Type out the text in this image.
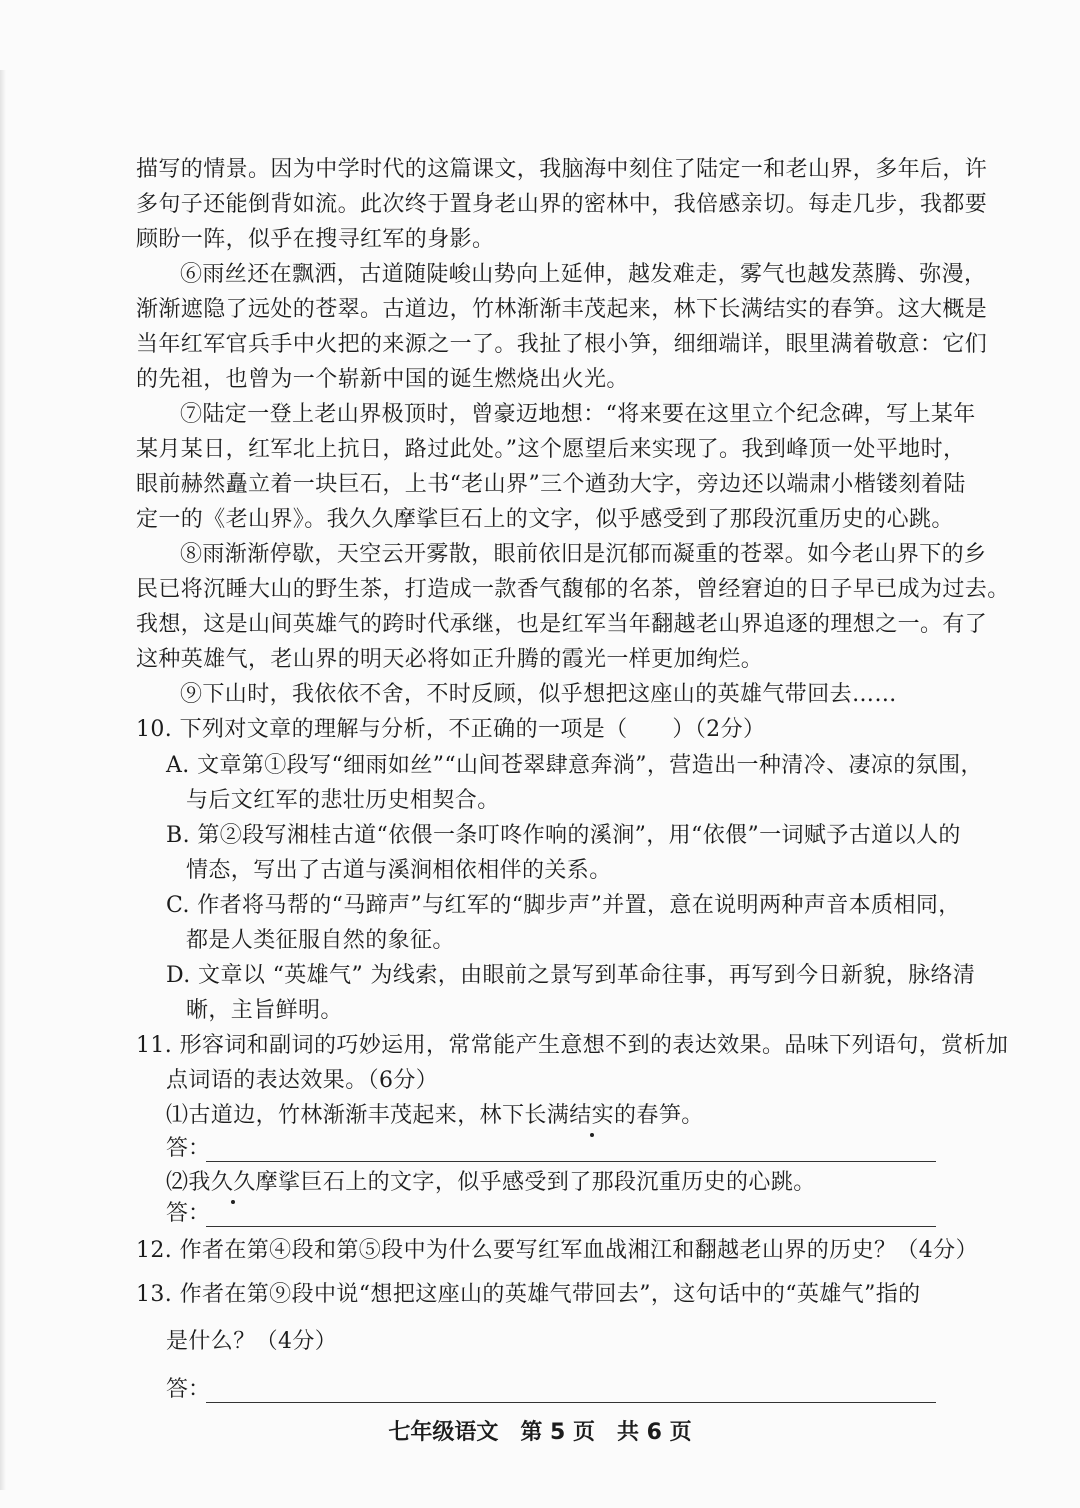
描写的情景。因为中学时代的这篇课文，我脑海中刻住了陆定一和老山界，多年后，许
多句子还能倒背如流。此次终于置身老山界的密林中，我倍感亲切。每走几步，我都要
顾盼一阵，似乎在搜寻红军的身影。
⑥雨丝还在飘洒，古道随陡峻山势向上延伸，越发难走，雾气也越发蒸腾、弥漫，
渐渐遮隐了远处的苍翠。古道边，竹林渐渐丰茂起来，林下长满结实的春笋。这大概是
当年红军官兵手中火把的来源之一了。我扯了根小笋，细细端详，眼里满着敬意：它们
的先祖，也曾为一个崭新中国的诞生燃烧出火光。
⑦陆定一登上老山界极顶时，曾豪迈地想：“将来要在这里立个纪念碑，写上某年
某月某日，红军北上抗日，路过此处。”这个愿望后来实现了。我到峰顶一处平地时，
眼前赫然矗立着一块巨石，上书“老山界”三个遒劲大字，旁边还以端肃小楷镂刻着陆
定一的《老山界》。我久久摩挲巨石上的文字，似乎感受到了那段沉重历史的心跳。
⑧雨渐渐停歇，天空云开雾散，眼前依旧是沉郁而凝重的苍翠。如今老山界下的乡
民已将沉睡大山的野生茶，打造成一款香气馥郁的名茶，曾经窘迫的日子早已成为过去。
我想，这是山间英雄气的跨时代承继，也是红军当年翻越老山界追逐的理想之一。有了
这种英雄气，老山界的明天必将如正升腾的霞光一样更加绚烂。
⑨下山时，我依依不舍，不时反顾，似乎想把这座山的英雄气带回去……
10. 下列对文章的理解与分析，不正确的一项是（　　）（2分）
A. 文章第①段写“细雨如丝”“山间苍翠肆意奔淌”，营造出一种清冷、凄凉的氛围，
与后文红军的悲壮历史相契合。
B. 第②段写湘桂古道“依偎一条叮咚作响的溪涧”，用“依偎”一词赋予古道以人的
情态，写出了古道与溪涧相依相伴的关系。
C. 作者将马帮的“马蹄声”与红军的“脚步声”并置，意在说明两种声音本质相同，
都是人类征服自然的象征。
D. 文章以 “英雄气” 为线索，由眼前之景写到革命往事，再写到今日新貌，脉络清
晰，主旨鲜明。
11. 形容词和副词的巧妙运用，常常能产生意想不到的表达效果。品味下列语句，赏析加
点词语的表达效果。（6分）
⑴古道边，竹林渐渐丰茂起来，林下长满结实的春笋。
答：
⑵我久久摩挲巨石上的文字，似乎感受到了那段沉重历史的心跳。
答：
12. 作者在第④段和第⑤段中为什么要写红军血战湘江和翻越老山界的历史？（4分）
13. 作者在第⑨段中说“想把这座山的英雄气带回去”，这句话中的“英雄气”指的
是什么？（4分）
答：
七年级语文　第 5 页　共 6 页
